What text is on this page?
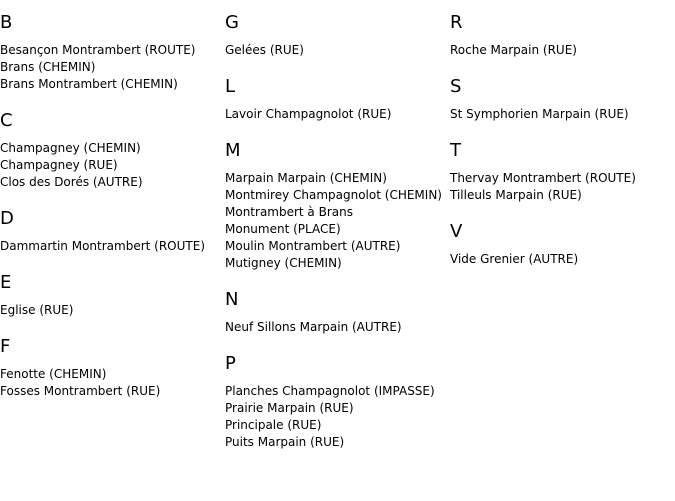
B
Besançon Montrambert (ROUTE)
Brans (CHEMIN)
Brans Montrambert (CHEMIN)
C
Champagney (CHEMIN)
Champagney (RUE)
Clos des Dorés (AUTRE)
D
Dammartin Montrambert (ROUTE)
E
Eglise (RUE)
F
Fenotte (CHEMIN)
Fosses Montrambert (RUE)
G
Gelées (RUE)
L
Lavoir Champagnolot (RUE)
M
Marpain Marpain (CHEMIN)
Montmirey Champagnolot (CHEMIN)
Montrambert à Brans
Monument (PLACE)
Moulin Montrambert (AUTRE)
Mutigney (CHEMIN)
N
Neuf Sillons Marpain (AUTRE)
P
Planches Champagnolot (IMPASSE)
Prairie Marpain (RUE)
Principale (RUE)
Puits Marpain (RUE)
R
Roche Marpain (RUE)
S
St Symphorien Marpain (RUE)
T
Thervay Montrambert (ROUTE)
Tilleuls Marpain (RUE)
V
Vide Grenier (AUTRE)
